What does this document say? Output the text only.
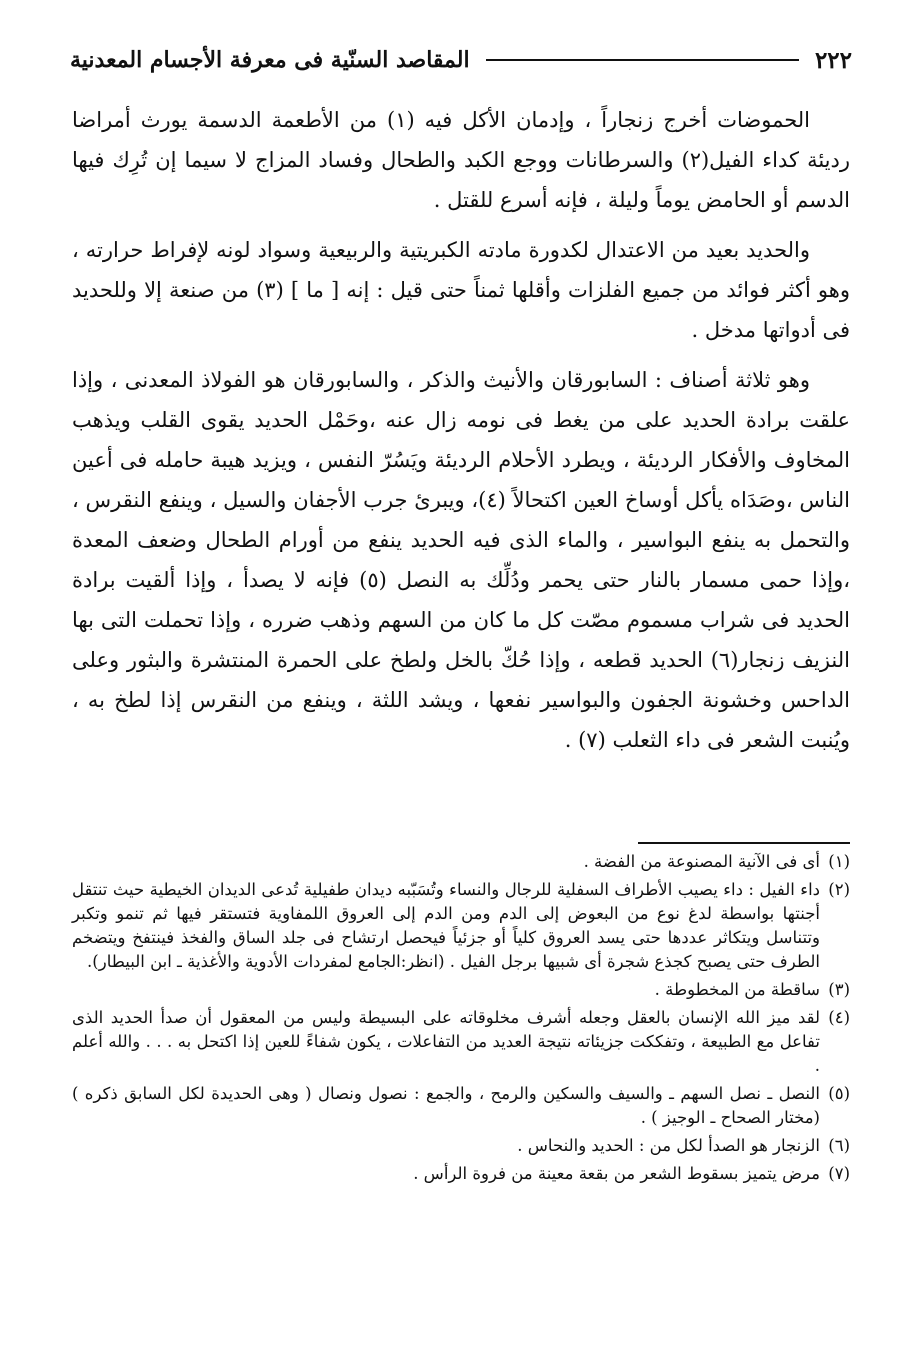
المقاصد السنّية فى معرفة الأجسام المعدنية	٢٢٢

الحموضات أخرج زنجاراً ، وإدمان الأكل فيه (١) من الأطعمة الدسمة يورث أمراضا رديئة كداء الفيل(٢) والسرطانات ووجع الكبد والطحال وفساد المزاج لا سيما إن تُرِك فيها الدسم أو الحامض يوماً وليلة ، فإنه أسرع للقتل .

والحديد بعيد من الاعتدال لكدورة مادته الكبريتية والربيعية وسواد لونه لإفراط حرارته ، وهو أكثر فوائد من جميع الفلزات وأقلها ثمناً حتى قيل : إنه [ ما ] (٣) من صنعة إلا وللحديد فى أدواتها مدخل .

وهو ثلاثة أصناف : السابورقان والأنيث والذكر ، والسابورقان هو الفولاذ المعدنى ، وإذا علقت برادة الحديد على من يغط فى نومه زال عنه ،وحَمْل الحديد يقوى القلب ويذهب المخاوف والأفكار الرديئة ، ويطرد الأحلام الرديئة ويَسُرّ النفس ، ويزيد هيبة حامله فى أعين الناس ،وصَدَاه يأكل أوساخ العين اكتحالاً (٤)، ويبرئ جرب الأجفان والسيل ، وينفع النقرس ، والتحمل به ينفع البواسير ، والماء الذى فيه الحديد ينفع من أورام الطحال وضعف المعدة ،وإذا حمى مسمار بالنار حتى يحمر ودُلِّك به النصل (٥) فإنه لا يصدأ ، وإذا ألقيت برادة الحديد فى شراب مسموم مصّت كل ما كان من السهم وذهب ضرره ، وإذا تحملت التى بها النزيف زنجار(٦) الحديد قطعه ، وإذا حُكّ بالخل ولطخ على الحمرة المنتشرة والبثور وعلى الداحس وخشونة الجفون والبواسير نفعها ، ويشد اللثة ، وينفع من النقرس إذا لطخ به ، ويُنبت الشعر فى داء الثعلب (٧) .

(١)أى فى الآنية المصنوعة من الفضة .
(٢)داء الفيل : داء يصيب الأطراف السفلية للرجال والنساء وتُسَبّبه ديدان طفيلية تُدعى الديدان الخيطية حيث تنتقل أجنتها بواسطة لدغ نوع من البعوض إلى الدم ومن الدم إلى العروق اللمفاوية فتستقر فيها ثم تنمو وتكبر وتتناسل ويتكاثر عددها حتى يسد العروق كلياً أو جزئياً فيحصل ارتشاح فى جلد الساق والفخذ فينتفخ ويتضخم الطرف حتى يصبح كجذع شجرة أى شبيها برجل الفيل . (انظر:الجامع لمفردات الأدوية والأغذية ـ ابن البيطار).
(٣)ساقطة من المخطوطة .
(٤)لقد ميز الله الإنسان بالعقل وجعله أشرف مخلوقاته على البسيطة وليس من المعقول أن صدأ الحديد الذى تفاعل مع الطبيعة ، وتفككت جزيئاته نتيجة العديد من التفاعلات ، يكون شفاءً للعين إذا اكتحل به . . . والله أعلم .
(٥)النصل ـ نصل السهم ـ والسيف والسكين والرمح ، والجمع : نصول ونصال ( وهى الحديدة لكل السابق ذكره ) (مختار الصحاح ـ الوجيز ) .
(٦)الزنجار هو الصدأ لكل من : الحديد والنحاس .
(٧)مرض يتميز بسقوط الشعر من بقعة معينة من فروة الرأس .
